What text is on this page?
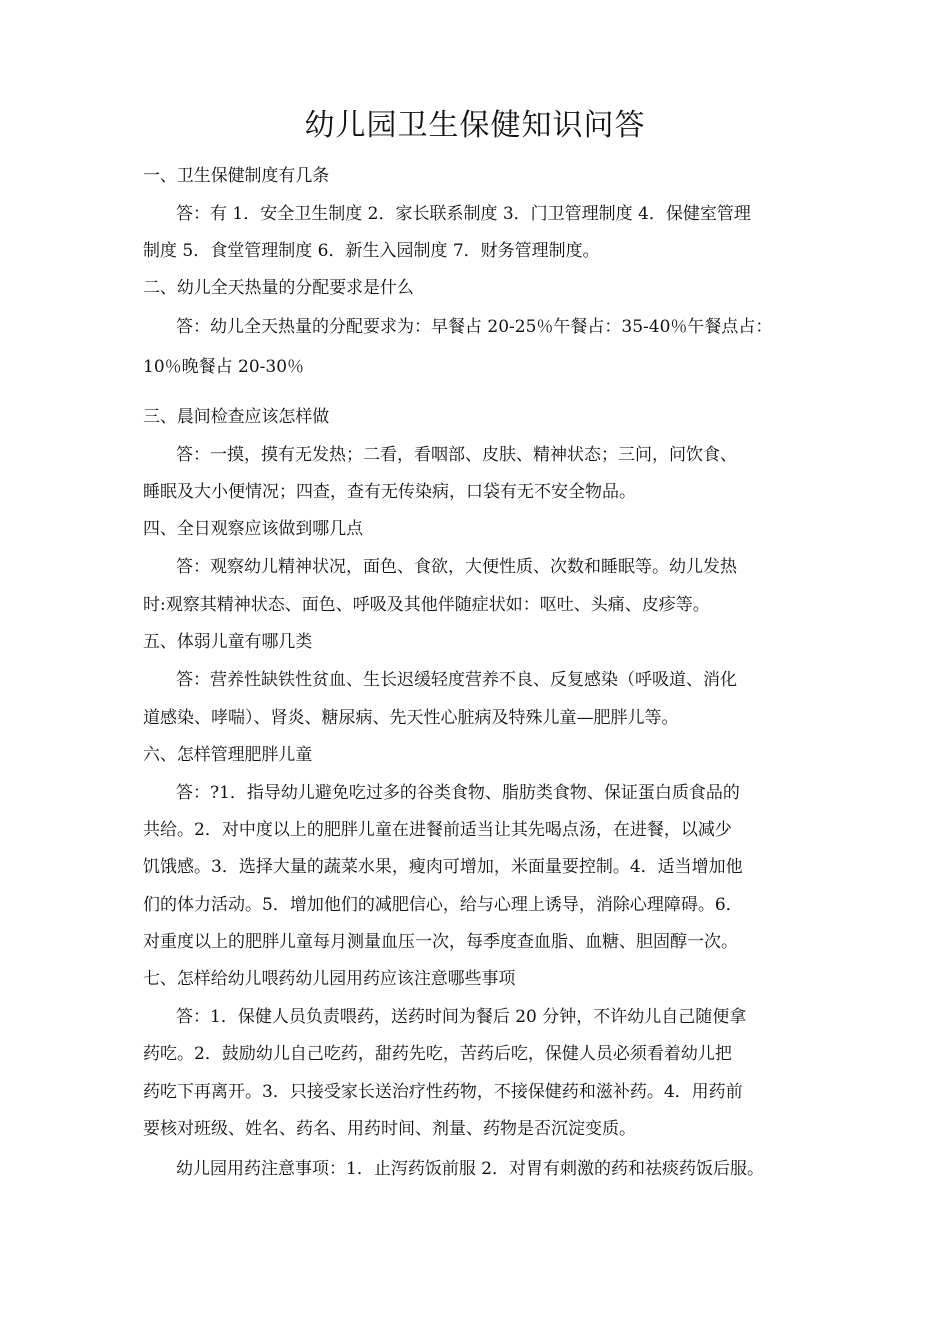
幼儿园卫生保健知识问答
一、卫生保健制度有几条
答：有 1．安全卫生制度 2．家长联系制度 3．门卫管理制度 4．保健室管理
制度 5．食堂管理制度 6．新生入园制度 7．财务管理制度。
二、幼儿全天热量的分配要求是什么
答：幼儿全天热量的分配要求为：早餐占 20-25％午餐占：35-40％午餐点占：
10％晚餐占 20-30％
三、晨间检查应该怎样做
答：一摸，摸有无发热；二看，看咽部、皮肤、精神状态；三问，问饮食、
睡眠及大小便情况；四查，查有无传染病，口袋有无不安全物品。
四、全日观察应该做到哪几点
答：观察幼儿精神状况，面色、食欲，大便性质、次数和睡眠等。幼儿发热
时:观察其精神状态、面色、呼吸及其他伴随症状如：呕吐、头痛、皮疹等。
五、体弱儿童有哪几类
答：营养性缺铁性贫血、生长迟缓轻度营养不良、反复感染（呼吸道、消化
道感染、哮喘）、肾炎、糖尿病、先天性心脏病及特殊儿童—肥胖儿等。
六、怎样管理肥胖儿童
答：?1．指导幼儿避免吃过多的谷类食物、脂肪类食物、保证蛋白质食品的
共给。2．对中度以上的肥胖儿童在进餐前适当让其先喝点汤，在进餐，以减少
饥饿感。3．选择大量的蔬菜水果，瘦肉可增加，米面量要控制。4．适当增加他
们的体力活动。5．增加他们的减肥信心，给与心理上诱导，消除心理障碍。6．
对重度以上的肥胖儿童每月测量血压一次，每季度查血脂、血糖、胆固醇一次。
七、怎样给幼儿喂药幼儿园用药应该注意哪些事项
答：1．保健人员负责喂药，送药时间为餐后 20 分钟，不许幼儿自己随便拿
药吃。2．鼓励幼儿自己吃药，甜药先吃，苦药后吃，保健人员必须看着幼儿把
药吃下再离开。3．只接受家长送治疗性药物，不接保健药和滋补药。4．用药前
要核对班级、姓名、药名、用药时间、剂量、药物是否沉淀变质。
幼儿园用药注意事项：1．止泻药饭前服 2．对胃有刺激的药和祛痰药饭后服。
